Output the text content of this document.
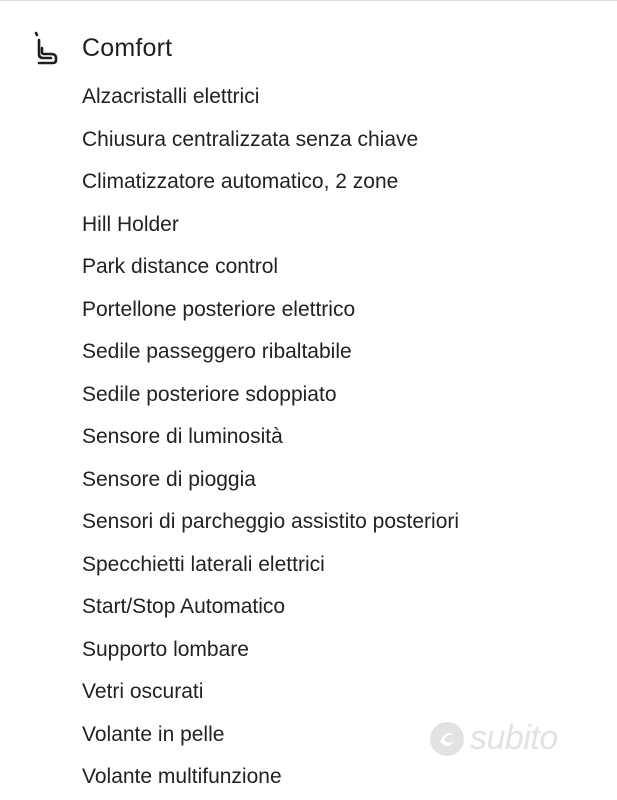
Comfort
Alzacristalli elettrici
Chiusura centralizzata senza chiave
Climatizzatore automatico, 2 zone
Hill Holder
Park distance control
Portellone posteriore elettrico
Sedile passeggero ribaltabile
Sedile posteriore sdoppiato
Sensore di luminosità
Sensore di pioggia
Sensori di parcheggio assistito posteriori
Specchietti laterali elettrici
Start/Stop Automatico
Supporto lombare
Vetri oscurati
Volante in pelle
Volante multifunzione
subito
